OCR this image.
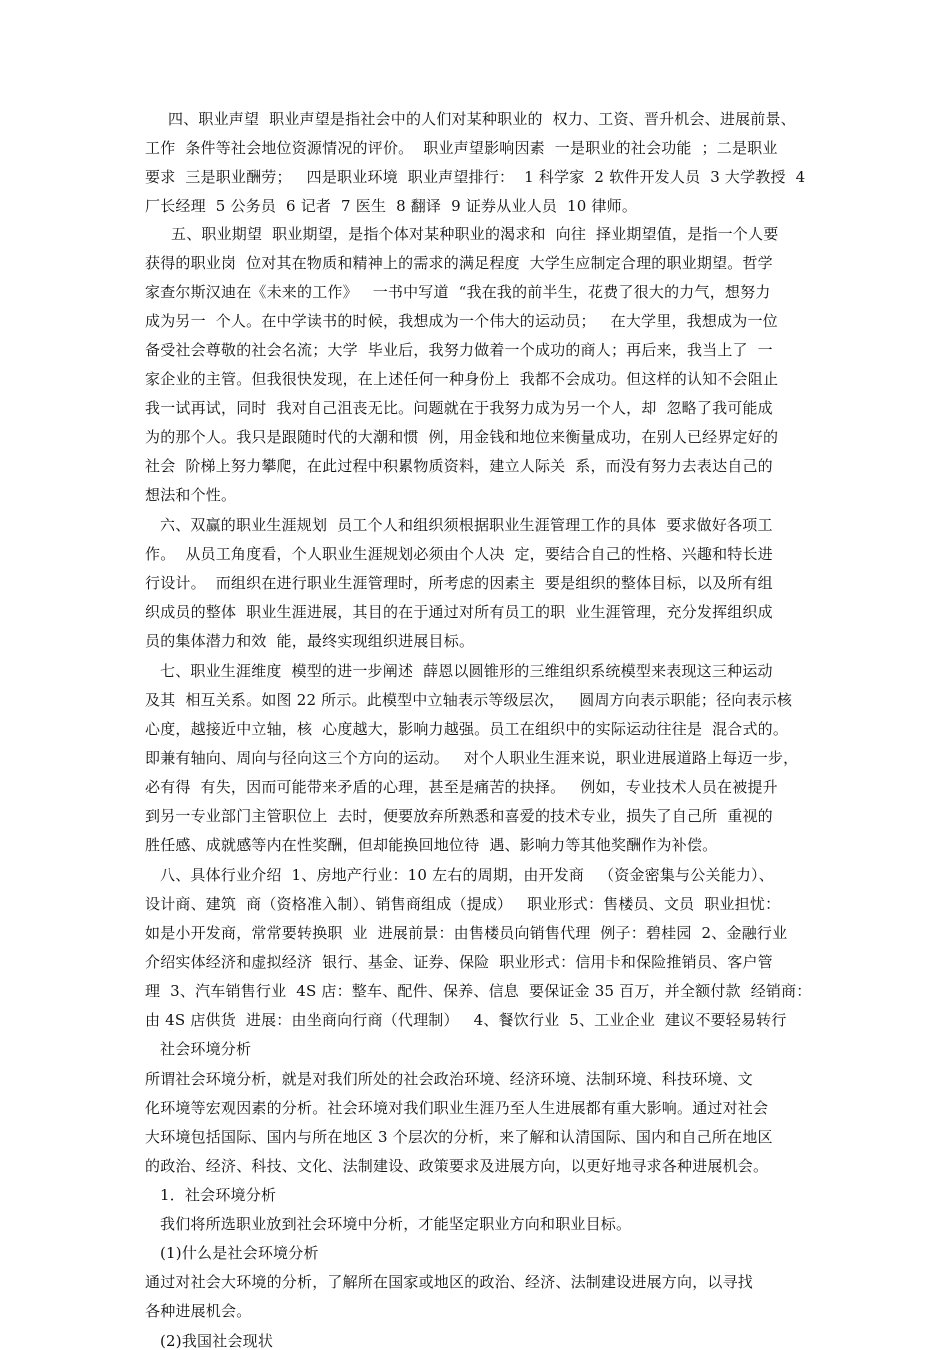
四、职业声望  职业声望是指社会中的人们对某种职业的  权力、工资、晋升机会、进展前景、
工作  条件等社会地位资源情况的评价。  职业声望影响因素  一是职业的社会功能  ；二是职业
要求  三是职业酬劳；   四是职业环境  职业声望排行：  1 科学家  2 软件开发人员  3 大学教授  4
厂长经理  5 公务员  6 记者  7 医生  8 翻译  9 证券从业人员  10 律师。
五、职业期望  职业期望，是指个体对某种职业的渴求和  向往  择业期望值，是指一个人要
获得的职业岗  位对其在物质和精神上的需求的满足程度  大学生应制定合理的职业期望。哲学
家查尔斯汉迪在《未来的工作》   一书中写道  “我在我的前半生，花费了很大的力气，想努力
成为另一  个人。在中学读书的时候，我想成为一个伟大的运动员；   在大学里，我想成为一位
备受社会尊敬的社会名流；大学  毕业后，我努力做着一个成功的商人；再后来，我当上了  一
家企业的主管。但我很快发现，在上述任何一种身份上  我都不会成功。但这样的认知不会阻止
我一试再试，同时  我对自己沮丧无比。问题就在于我努力成为另一个人，却  忽略了我可能成
为的那个人。我只是跟随时代的大潮和惯  例，用金钱和地位来衡量成功，在别人已经界定好的
社会  阶梯上努力攀爬，在此过程中积累物质资料，建立人际关  系，而没有努力去表达自己的
想法和个性。
六、双赢的职业生涯规划  员工个人和组织须根据职业生涯管理工作的具体  要求做好各项工
作。  从员工角度看，个人职业生涯规划必须由个人决  定，要结合自己的性格、兴趣和特长进
行设计。  而组织在进行职业生涯管理时，所考虑的因素主  要是组织的整体目标，以及所有组
织成员的整体  职业生涯进展，其目的在于通过对所有员工的职  业生涯管理，充分发挥组织成
员的集体潜力和效  能，最终实现组织进展目标。
七、职业生涯维度  模型的进一步阐述  薛恩以圆锥形的三维组织系统模型来表现这三种运动
及其  相互关系。如图 22 所示。此模型中立轴表示等级层次，   圆周方向表示职能；径向表示核
心度，越接近中立轴，核  心度越大，影响力越强。员工在组织中的实际运动往往是  混合式的。
即兼有轴向、周向与径向这三个方向的运动。   对个人职业生涯来说，职业进展道路上每迈一步，
必有得  有失，因而可能带来矛盾的心理，甚至是痛苦的抉择。   例如，专业技术人员在被提升
到另一专业部门主管职位上  去时，便要放弃所熟悉和喜爱的技术专业，损失了自己所  重视的
胜任感、成就感等内在性奖酬，但却能换回地位待  遇、影响力等其他奖酬作为补偿。
八、具体行业介绍  1、房地产行业：10 左右的周期，由开发商   （资金密集与公关能力）、
设计商、建筑  商（资格准入制）、销售商组成（提成）   职业形式：售楼员、文员  职业担忧：
如是小开发商，常常要转换职  业  进展前景：由售楼员向销售代理  例子：碧桂园  2、金融行业
介绍实体经济和虚拟经济  银行、基金、证券、保险  职业形式：信用卡和保险推销员、客户管
理  3、汽车销售行业  4S 店：整车、配件、保养、信息  要保证金 35 百万，并全额付款  经销商：
由 4S 店供货  进展：由坐商向行商（代理制）   4、餐饮行业  5、工业企业  建议不要轻易转行
社会环境分析
所谓社会环境分析，就是对我们所处的社会政治环境、经济环境、法制环境、科技环境、文
化环境等宏观因素的分析。社会环境对我们职业生涯乃至人生进展都有重大影响。通过对社会
大环境包括国际、国内与所在地区 3 个层次的分析，来了解和认清国际、国内和自己所在地区
的政治、经济、科技、文化、法制建设、政策要求及进展方向，以更好地寻求各种进展机会。
1．社会环境分析
我们将所选职业放到社会环境中分析，才能坚定职业方向和职业目标。
(1)什么是社会环境分析
通过对社会大环境的分析，了解所在国家或地区的政治、经济、法制建设进展方向，以寻找
各种进展机会。
(2)我国社会现状
